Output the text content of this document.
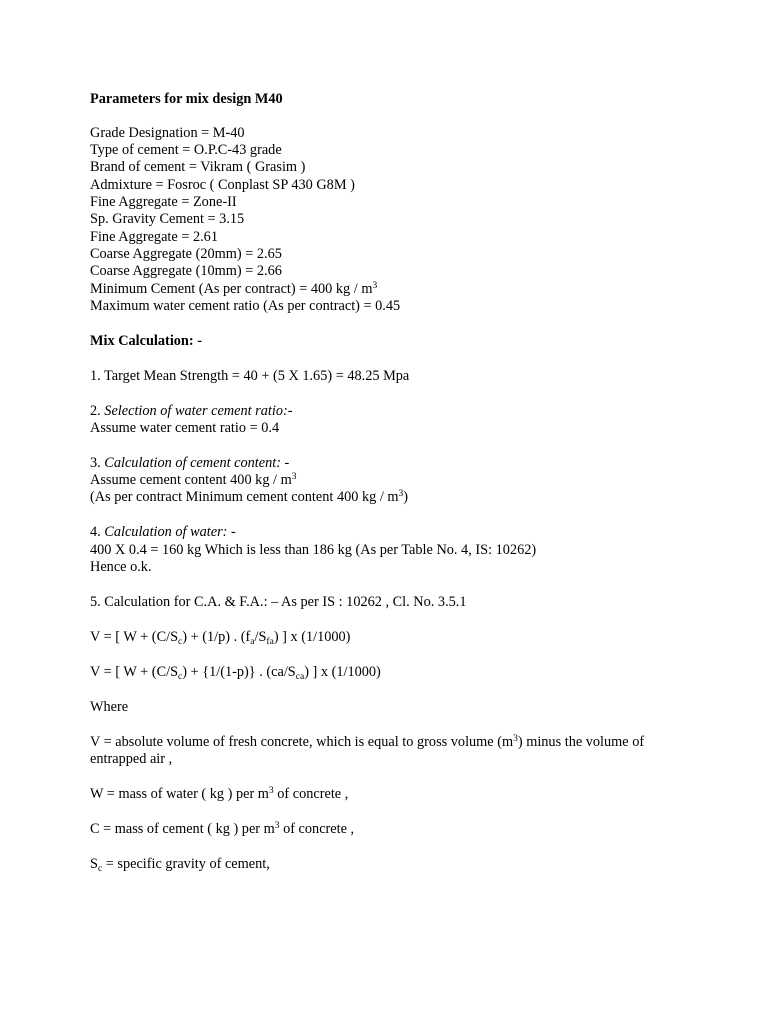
Parameters for mix design M40
Grade Designation = M-40
Type of cement = O.P.C-43 grade
Brand of cement = Vikram ( Grasim )
Admixture = Fosroc ( Conplast SP 430 G8M )
Fine Aggregate = Zone-II
Sp. Gravity Cement = 3.15
Fine Aggregate = 2.61
Coarse Aggregate (20mm) = 2.65
Coarse Aggregate (10mm) = 2.66
Minimum Cement (As per contract) = 400 kg / $m^3$
Maximum water cement ratio (As per contract) = 0.45
Mix Calculation: -
1. Target Mean Strength = 40 + (5 X 1.65) = 48.25 Mpa
2. Selection of water cement ratio:-
Assume water cement ratio = 0.4
3. Calculation of cement content: -
Assume cement content 400 kg / $m^3$
(As per contract Minimum cement content 400 kg / $m^3$)
4. Calculation of water: -
400 X 0.4 = 160 kg Which is less than 186 kg (As per Table No. 4, IS: 10262)
Hence o.k.
5. Calculation for C.A. & F.A.: – As per IS : 10262 , Cl. No. 3.5.1
V = [ $W + (C/S_c) + (1/p)$ . $(f_a/S_{fa})$ ] x (1/1000)
V = [ $W + (C/S_c) + \{1/(1-p)\}$ . $(ca/S_{ca})$ ] x (1/1000)
Where
V = absolute volume of fresh concrete, which is equal to gross volume $(m^3)$ minus the volume of
entrapped air ,
W = mass of water ( kg ) per $m^3$ of concrete ,
C = mass of cement ( kg ) per $m^3$ of concrete ,
$S_c$ = specific gravity of cement,
